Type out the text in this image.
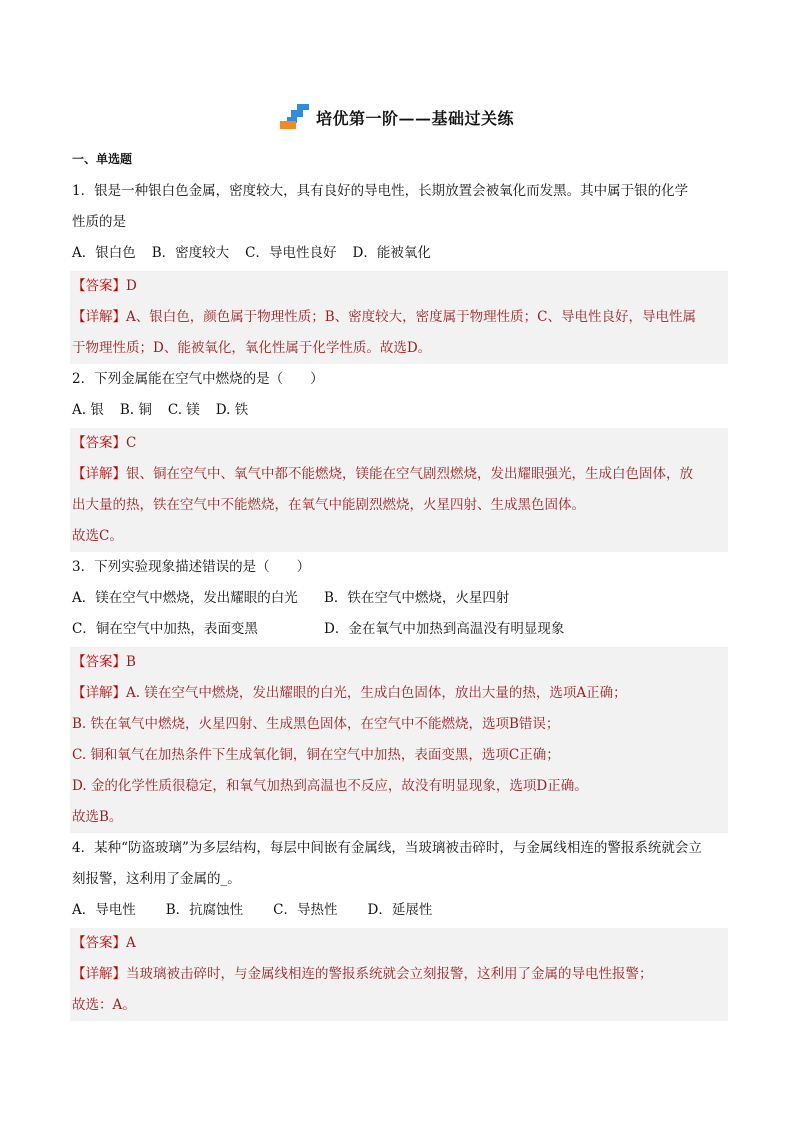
培优第一阶——基础过关练
一、单选题
1．银是一种银白色金属，密度较大，具有良好的导电性，长期放置会被氧化而发黑。其中属于银的化学
性质的是
A．银白色 B．密度较大 C．导电性良好 D．能被氧化
【答案】D
【详解】A、银白色，颜色属于物理性质；B、密度较大，密度属于物理性质；C、导电性良好，导电性属
于物理性质；D、能被氧化，氧化性属于化学性质。故选D。
2．下列金属能在空气中燃烧的是（　　）
A. 银 B. 铜 C. 镁 D. 铁
【答案】C
【详解】银、铜在空气中、氧气中都不能燃烧，镁能在空气剧烈燃烧，发出耀眼强光，生成白色固体，放
出大量的热，铁在空气中不能燃烧，在氧气中能剧烈燃烧，火星四射、生成黑色固体。
故选C。
3．下列实验现象描述错误的是（　　）
A．镁在空气中燃烧，发出耀眼的白光 B．铁在空气中燃烧，火星四射
C．铜在空气中加热，表面变黑	D．金在氧气中加热到高温没有明显现象
【答案】B
【详解】A. 镁在空气中燃烧，发出耀眼的白光，生成白色固体，放出大量的热，选项A正确；
B. 铁在氧气中燃烧，火星四射、生成黑色固体，在空气中不能燃烧，选项B错误；
C. 铜和氧气在加热条件下生成氧化铜，铜在空气中加热，表面变黑，选项C正确；
D. 金的化学性质很稳定，和氧气加热到高温也不反应，故没有明显现象，选项D正确。
故选B。
4．某种“防盗玻璃”为多层结构，每层中间嵌有金属线，当玻璃被击碎时，与金属线相连的警报系统就会立
刻报警，这利用了金属的_。
A．导电性 B．抗腐蚀性 C．导热性 D．延展性
【答案】A
【详解】当玻璃被击碎时，与金属线相连的警报系统就会立刻报警，这利用了金属的导电性报警；
故选：A。
